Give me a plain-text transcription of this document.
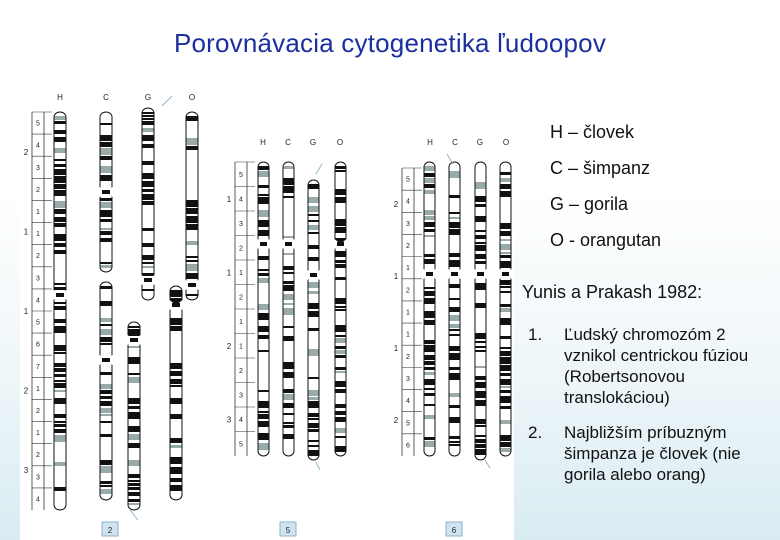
Porovnávacia cytogenetika ľudoopov
5
4
3
2
1
1
2
3
4
5
6
7
1
2
1
2
3
4
2
1
1
2
3
H	C	G	O
2
5
4
3
2
1
2
1
1
2
3
4
5
1
1
2
3
H C G	O
5
5
4
3
2
1
2
1
1
2
3
4
5
6
2
1
1
2
H C G O
6
H – človek
C – šimpanz
G – gorila
O - orangutan
Yunis a Prakash 1982:
1.	Ľudský chromozóm 2 vznikol centrickou fúziou (Robertsonovou translokáciou)
2.	Najbližším príbuzným šimpanza je človek (nie gorila alebo orang)
